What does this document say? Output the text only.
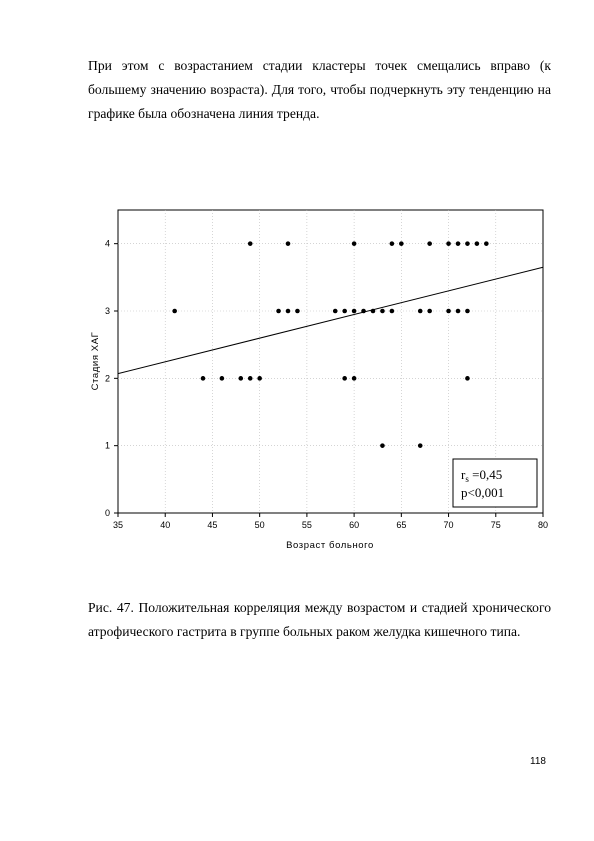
При этом с возрастанием стадии кластеры точек смещались вправо (к большему значению возраста). Для того, чтобы подчеркнуть эту тенденцию на графике была обозначена линия тренда.

35	40	45	50	55	60	65	70	75	80
0
1
2
3
4
Возраст больного
Стадия ХАГ
$r_s =0,45$
p<0,001

Рис. 47. Положительная корреляция между возрастом и стадией хронического атрофического гастрита в группе больных раком желудка кишечного типа.

118
